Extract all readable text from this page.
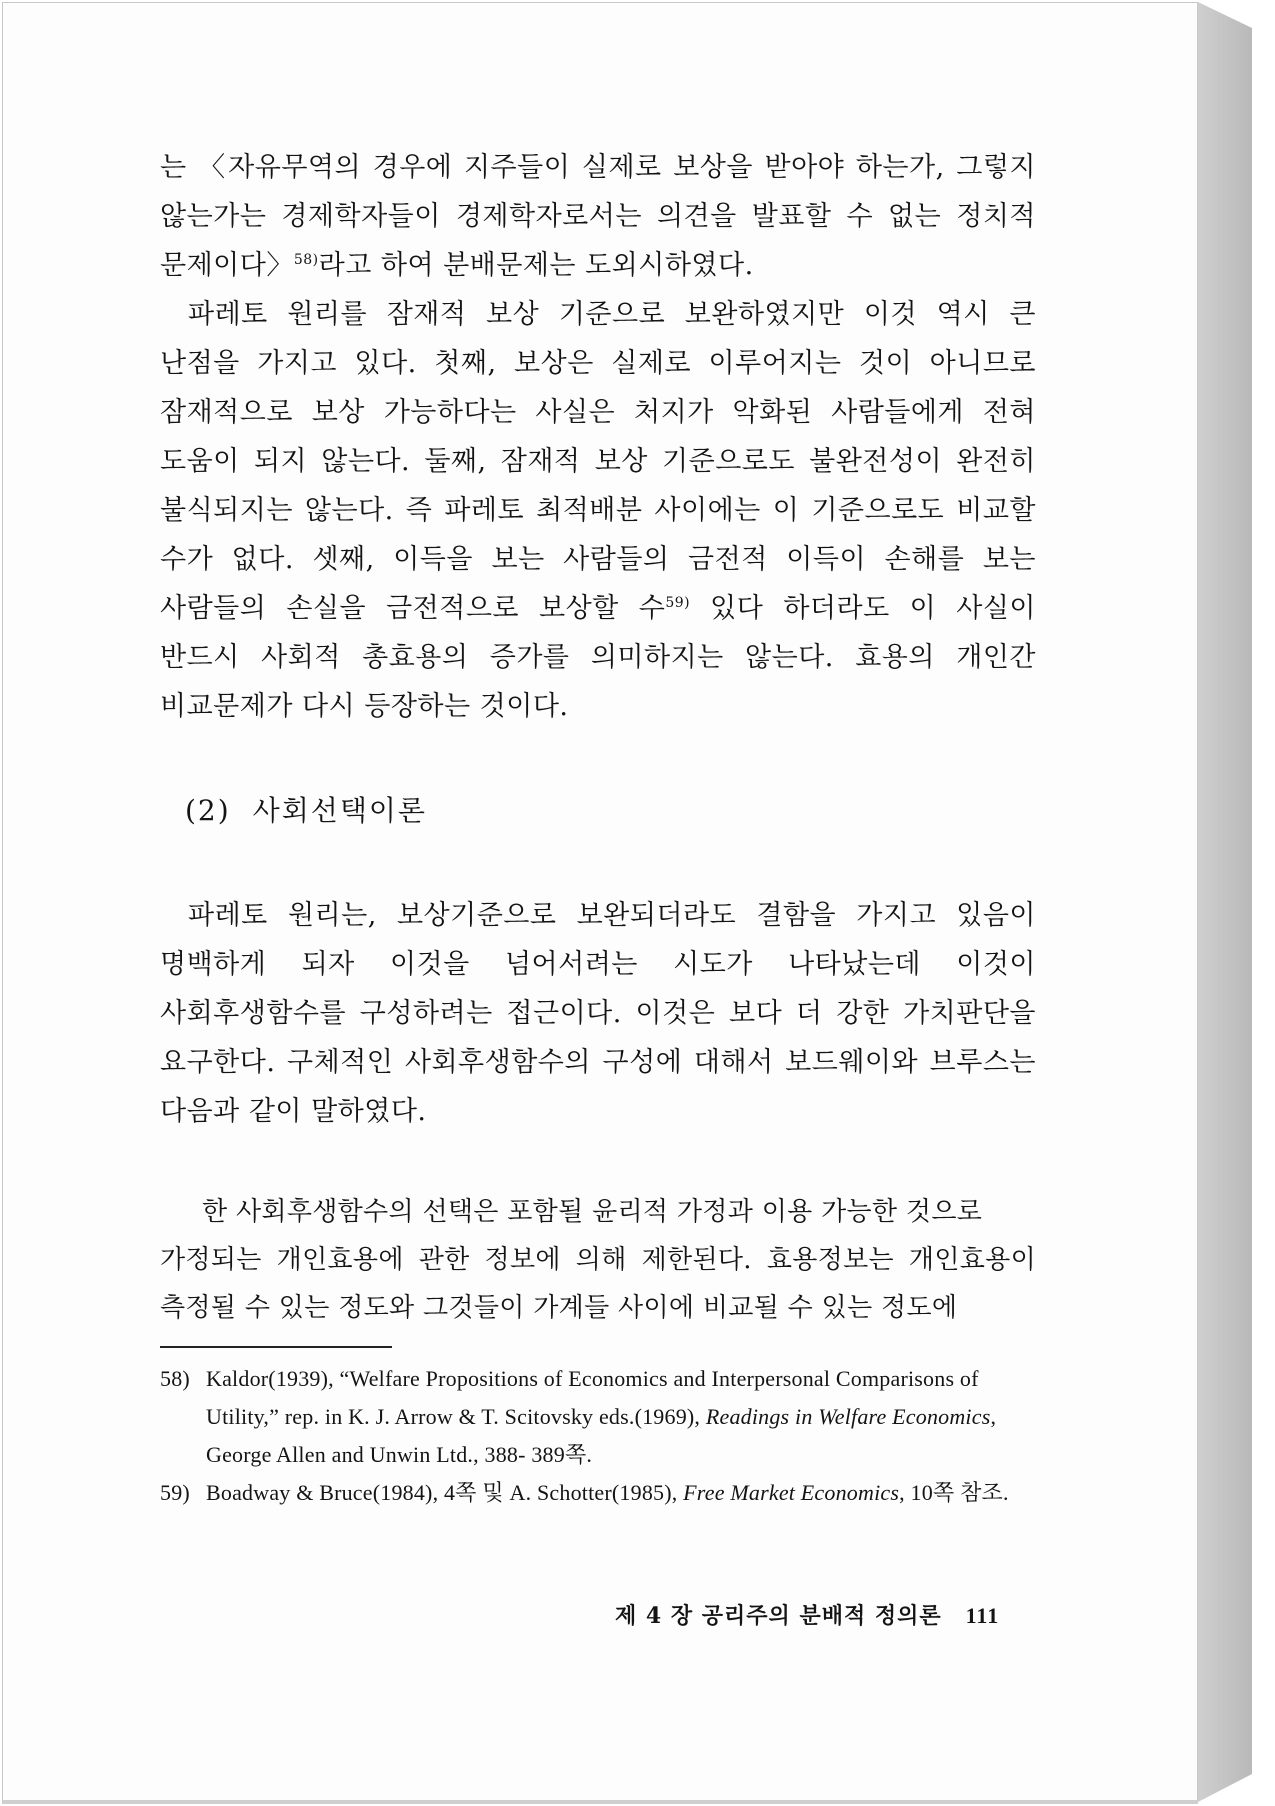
는 〈자유무역의 경우에 지주들이 실제로 보상을 받아야 하는가, 그렇지 않는가는 경제학자들이 경제학자로서는 의견을 발표할 수 없는 정치적 문제이다〉$^{58)}$라고 하여 분배문제는 도외시하였다.

파레토 원리를 잠재적 보상 기준으로 보완하였지만 이것 역시 큰 난점을 가지고 있다. 첫째, 보상은 실제로 이루어지는 것이 아니므로 잠재적으로 보상 가능하다는 사실은 처지가 악화된 사람들에게 전혀 도움이 되지 않는다. 둘째, 잠재적 보상 기준으로도 불완전성이 완전히 불식되지는 않는다. 즉 파레토 최적배분 사이에는 이 기준으로도 비교할 수가 없다. 셋째, 이득을 보는 사람들의 금전적 이득이 손해를 보는 사람들의 손실을 금전적으로 보상할 수$^{59)}$ 있다 하더라도 이 사실이 반드시 사회적 총효용의 증가를 의미하지는 않는다. 효용의 개인간 비교문제가 다시 등장하는 것이다.

(2) 사회선택이론

파레토 원리는, 보상기준으로 보완되더라도 결함을 가지고 있음이 명백하게 되자 이것을 넘어서려는 시도가 나타났는데 이것이 사회후생함수를 구성하려는 접근이다. 이것은 보다 더 강한 가치판단을 요구한다. 구체적인 사회후생함수의 구성에 대해서 보드웨이와 브루스는 다음과 같이 말하였다.

한 사회후생함수의 선택은 포함될 윤리적 가정과 이용 가능한 것으로
가정되는 개인효용에 관한 정보에 의해 제한된다. 효용정보는 개인효용이 측정될 수 있는 정도와 그것들이 가계들 사이에 비교될 수 있는 정도에

58) Kaldor(1939), “Welfare Propositions of Economics and Interpersonal Comparisons of Utility,” rep. in K. J. Arrow & T. Scitovsky eds.(1969), Readings in Welfare Economics, George Allen and Unwin Ltd., 388- 389쪽.

59) Boadway & Bruce(1984), 4쪽 및 A. Schotter(1985), Free Market Economics, 10쪽 참조.

제 4 장 공리주의 분배적 정의론 111
